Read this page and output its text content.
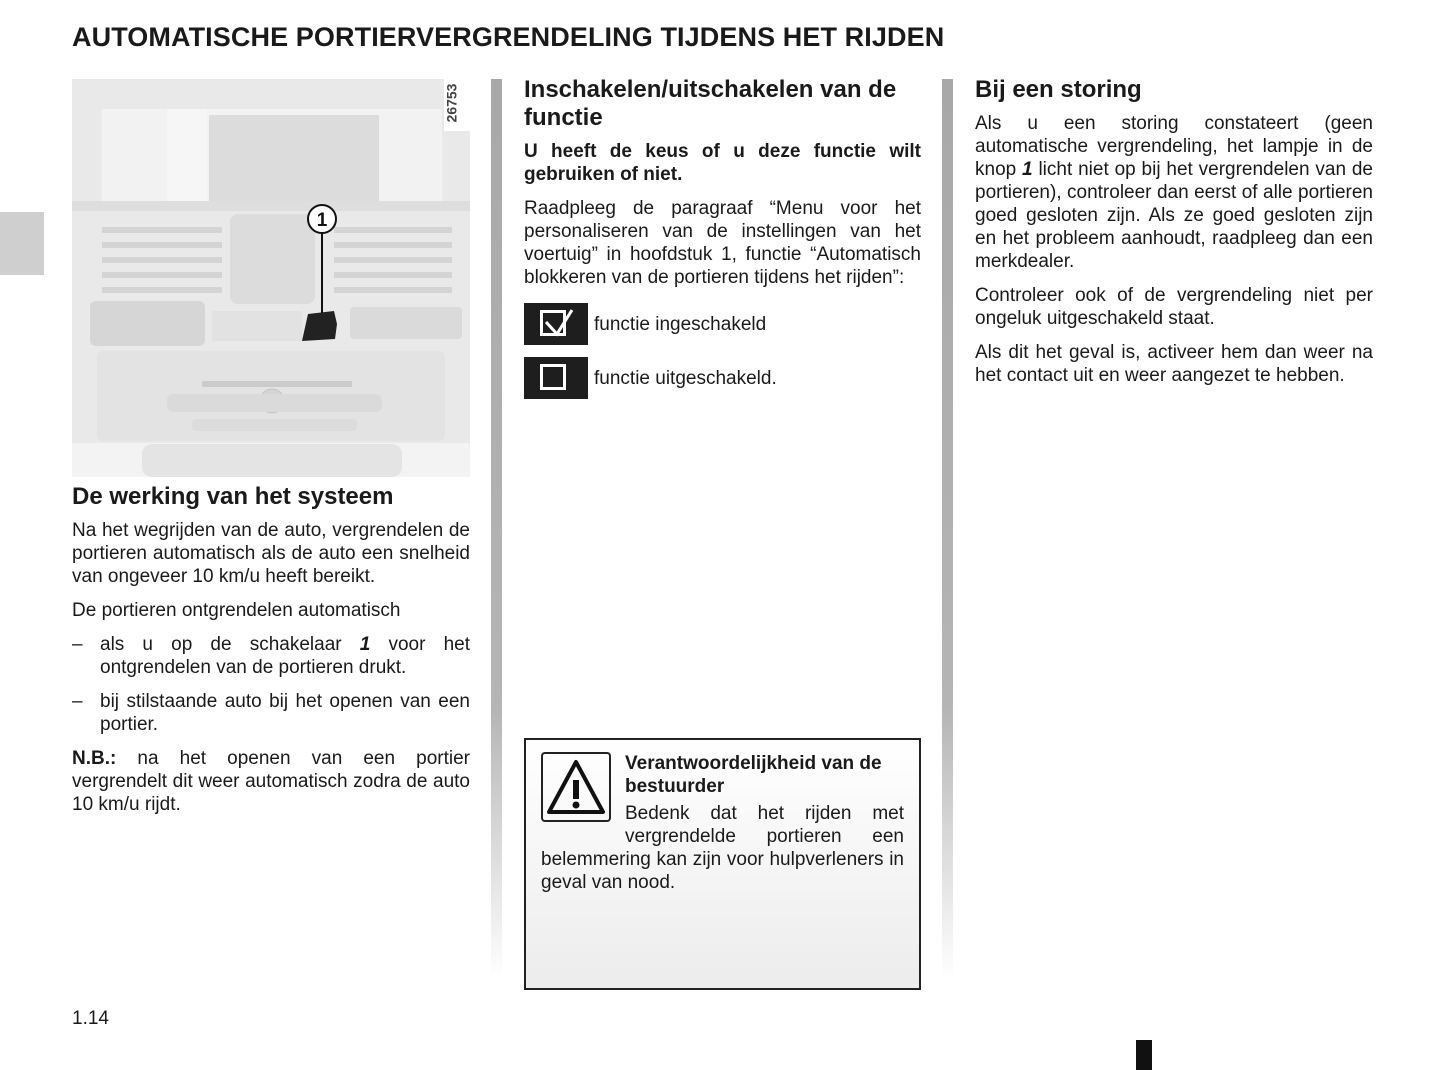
AUTOMATISCHE PORTIERVERGRENDELING TIJDENS HET RIJDEN
1
26753
De werking van het systeem

Na het wegrijden van de auto, vergrendelen de portieren automatisch als de auto een snelheid van ongeveer 10 km/u heeft bereikt.

De portieren ontgrendelen automatisch

– als u op de schakelaar 1 voor het ontgrendelen van de portieren drukt.
– bij stilstaande auto bij het openen van een portier.

N.B.: na het openen van een portier vergrendelt dit weer automatisch zodra de auto 10 km/u rijdt.

Inschakelen/uitschakelen van de functie

U heeft de keus of u deze functie wilt gebruiken of niet.

Raadpleeg de paragraaf “Menu voor het personaliseren van de instellingen van het voertuig” in hoofdstuk 1, functie “Automatisch blokkeren van de portieren tijdens het rijden”:

functie ingeschakeld
functie uitgeschakeld.
Verantwoordelijkheid van de bestuurder
Bedenk dat het rijden met vergrendelde portieren een belemmering kan zijn voor hulpverleners in geval van nood.
Bij een storing

Als u een storing constateert (geen automatische vergrendeling, het lampje in de knop 1 licht niet op bij het vergrendelen van de portieren), controleer dan eerst of alle portieren goed gesloten zijn. Als ze goed gesloten zijn en het probleem aanhoudt, raadpleeg dan een merkdealer.

Controleer ook of de vergrendeling niet per ongeluk uitgeschakeld staat.

Als dit het geval is, activeer hem dan weer na het contact uit en weer aangezet te hebben.

1.14
